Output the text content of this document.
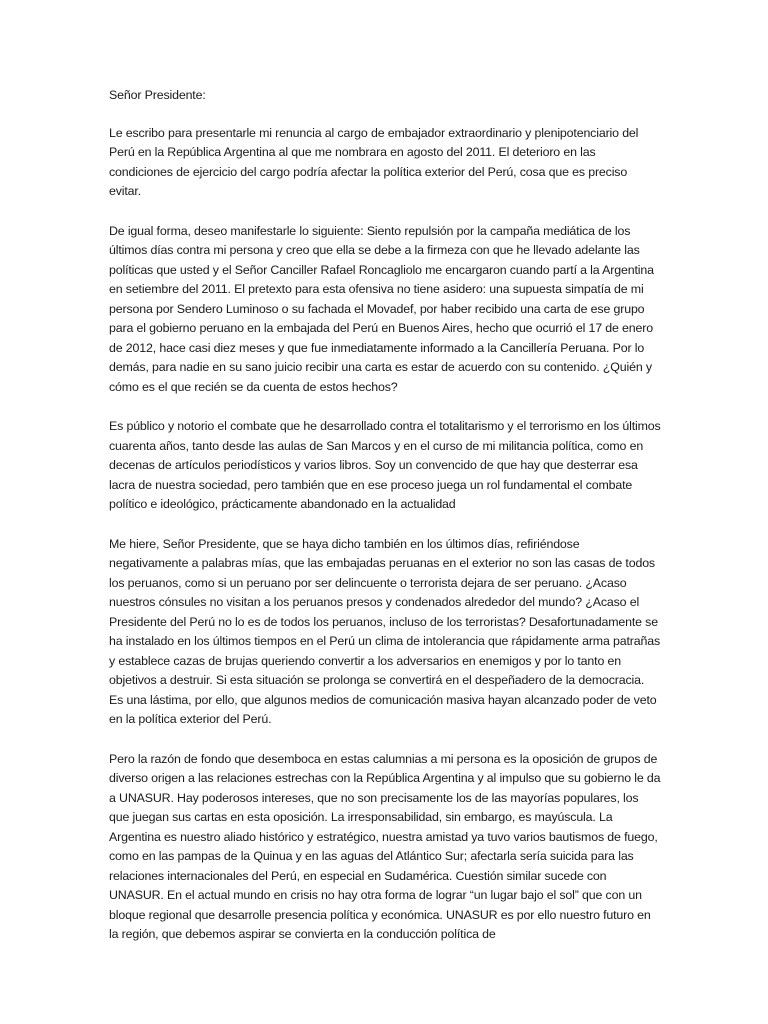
Señor Presidente:

Le escribo para presentarle mi renuncia al cargo de embajador extraordinario y plenipotenciario del Perú en la República Argentina al que me nombrara en agosto del 2011. El deterioro en las condiciones de ejercicio del cargo podría afectar la política exterior del Perú, cosa que es preciso evitar.

De igual forma, deseo manifestarle lo siguiente: Siento repulsión por la campaña mediática de los últimos días contra mi persona y creo que ella se debe a la firmeza con que he llevado adelante las políticas que usted y el Señor Canciller Rafael Roncagliolo me encargaron cuando partí a la Argentina en setiembre del 2011. El pretexto para esta ofensiva no tiene asidero: una supuesta simpatía de mi persona por Sendero Luminoso o su fachada el Movadef, por haber recibido una carta de ese grupo para el gobierno peruano en la embajada del Perú en Buenos Aires, hecho que ocurrió el 17 de enero de 2012, hace casi diez meses y que fue inmediatamente informado a la Cancillería Peruana. Por lo demás, para nadie en su sano juicio recibir una carta es estar de acuerdo con su contenido. ¿Quién y cómo es el que recién se da cuenta de estos hechos?

Es público y notorio el combate que he desarrollado contra el totalitarismo y el terrorismo en los últimos cuarenta años, tanto desde las aulas de San Marcos y en el curso de mi militancia política, como en decenas de artículos periodísticos y varios libros. Soy un convencido de que hay que desterrar esa lacra de nuestra sociedad, pero también que en ese proceso juega un rol fundamental el combate político e ideológico, prácticamente abandonado en la actualidad

Me hiere, Señor Presidente, que se haya dicho también en los últimos días, refiriéndose negativamente a palabras mías, que las embajadas peruanas en el exterior no son las casas de todos los peruanos, como si un peruano por ser delincuente o terrorista dejara de ser peruano. ¿Acaso nuestros cónsules no visitan a los peruanos presos y condenados alrededor del mundo? ¿Acaso el Presidente del Perú no lo es de todos los peruanos, incluso de los terroristas? Desafortunadamente se ha instalado en los últimos tiempos en el Perú un clima de intolerancia que rápidamente arma patrañas y establece cazas de brujas queriendo convertir a los adversarios en enemigos y por lo tanto en objetivos a destruir. Si esta situación se prolonga se convertirá en el despeñadero de la democracia. Es una lástima, por ello, que algunos medios de comunicación masiva hayan alcanzado poder de veto en la política exterior del Perú.

Pero la razón de fondo que desemboca en estas calumnias a mi persona es la oposición de grupos de diverso origen a las relaciones estrechas con la República Argentina y al impulso que su gobierno le da a UNASUR. Hay poderosos intereses, que no son precisamente los de las mayorías populares, los que juegan sus cartas en esta oposición. La irresponsabilidad, sin embargo, es mayúscula. La Argentina es nuestro aliado histórico y estratégico, nuestra amistad ya tuvo varios bautismos de fuego, como en las pampas de la Quinua y en las aguas del Atlántico Sur; afectarla sería suicida para las relaciones internacionales del Perú, en especial en Sudamérica. Cuestión similar sucede con UNASUR. En el actual mundo en crisis no hay otra forma de lograr “un lugar bajo el sol” que con un bloque regional que desarrolle presencia política y económica. UNASUR es por ello nuestro futuro en la región, que debemos aspirar se convierta en la conducción política de
